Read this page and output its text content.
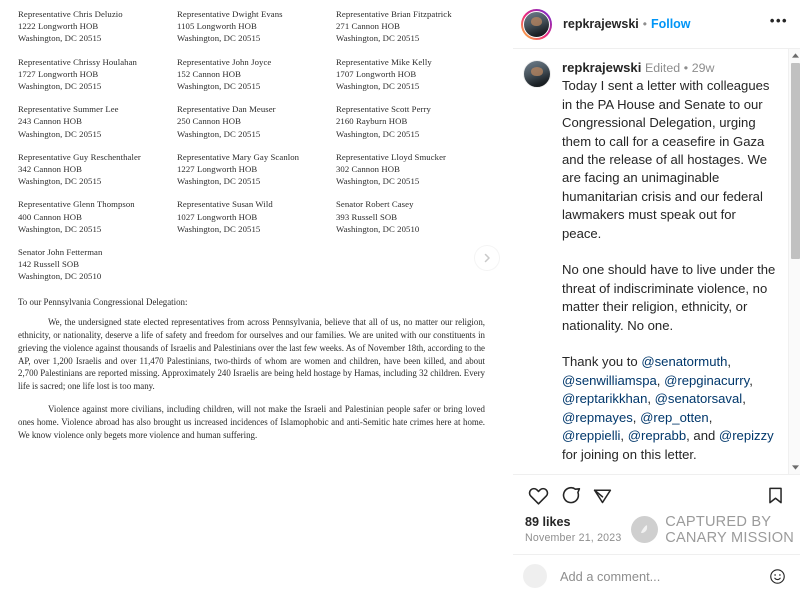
Representative Chris Deluzio
1222 Longworth HOB
Washington, DC 20515
Representative Dwight Evans
1105 Longworth HOB
Washington, DC 20515
Representative Brian Fitzpatrick
271 Cannon HOB
Washington, DC 20515
Representative Chrissy Houlahan
1727 Longworth HOB
Washington, DC 20515
Representative John Joyce
152 Cannon HOB
Washington, DC 20515
Representative Mike Kelly
1707 Longworth HOB
Washington, DC 20515
Representative Summer Lee
243 Cannon HOB
Washington, DC 20515
Representative Dan Meuser
250 Cannon HOB
Washington, DC 20515
Representative Scott Perry
2160 Rayburn HOB
Washington, DC 20515
Representative Guy Reschenthaler
342 Cannon HOB
Washington, DC 20515
Representative Mary Gay Scanlon
1227 Longworth HOB
Washington, DC 20515
Representative Lloyd Smucker
302 Cannon HOB
Washington, DC 20515
Representative Glenn Thompson
400 Cannon HOB
Washington, DC 20515
Representative Susan Wild
1027 Longworth HOB
Washington, DC 20515
Senator Robert Casey
393 Russell SOB
Washington, DC 20510
Senator John Fetterman
142 Russell SOB
Washington, DC 20510
To our Pennsylvania Congressional Delegation:

We, the undersigned state elected representatives from across Pennsylvania, believe that all of us, no matter our religion, ethnicity, or nationality, deserve a life of safety and freedom for ourselves and our families. We are united with our constituents in grieving the violence against thousands of Israelis and Palestinians over the last few weeks. As of November 18th, according to the AP, over 1,200 Israelis and over 11,470 Palestinians, two-thirds of whom are women and children, have been killed, and about 2,700 Palestinians are reported missing. Approximately 240 Israelis are being held hostage by Hamas, including 32 children. Every life is sacred; one life lost is too many.

Violence against more civilians, including children, will not make the Israeli and Palestinian people safer or bring loved ones home. Violence abroad has also brought us increased incidences of Islamophobic and anti-Semitic hate crimes here at home. We know violence only begets more violence and human suffering.

repkrajewski • Follow	•••
repkrajewski Edited • 29w
Today I sent a letter with colleagues in the PA House and Senate to our Congressional Delegation, urging them to call for a ceasefire in Gaza and the release of all hostages. We are facing an unimaginable humanitarian crisis and our federal lawmakers must speak out for peace.
No one should have to live under the threat of indiscriminate violence, no matter their religion, ethnicity, or nationality. No one.
Thank you to @senatormuth, @senwilliamspa, @repginacurry, @reptarikkhan, @senatorsaval, @repmayes, @rep_otten, @reppielli, @reprabb, and @repizzy for joining on this letter.
89 likes
November 21, 2023
CAPTURED BY
CANARY MISSION
Add a comment...
